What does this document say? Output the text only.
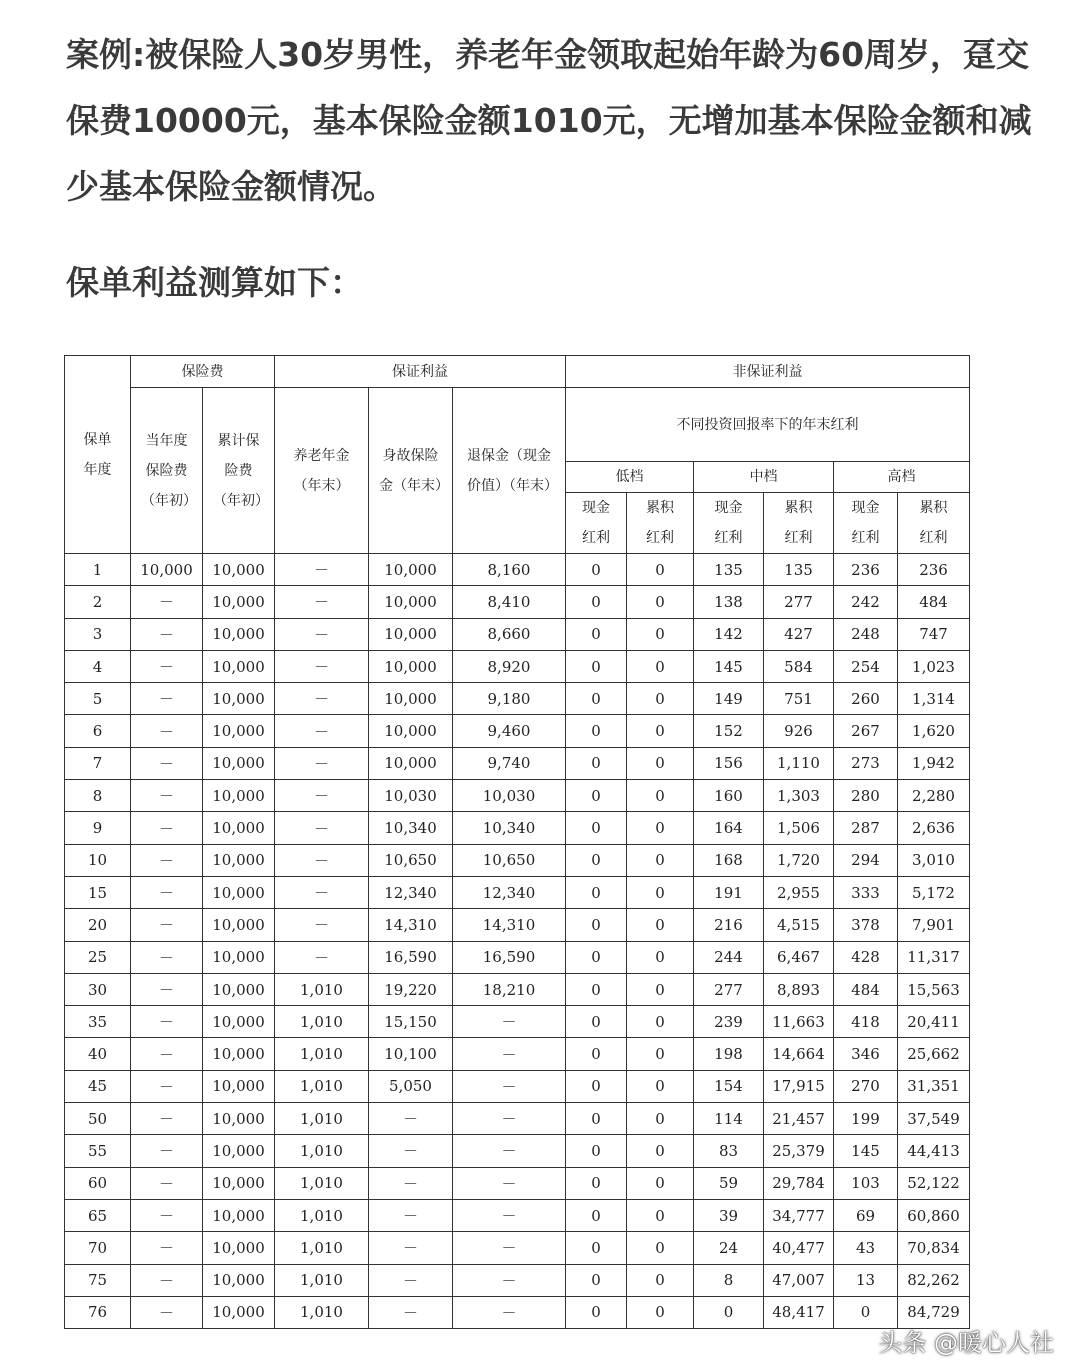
案例:被保险人30岁男性，养老年金领取起始年龄为60周岁，趸交保费10000元，基本保险金额1010元，无增加基本保险金额和减少基本保险金额情况。

保单利益测算如下：

保单年度	保险费		保证利益			非保证利益					
	当年度保险费（年初）	累计保险费（年初）	养老年金（年末）	身故保险金（年末）	退保金（现金价值）（年末）	不同投资回报率下的年末红利					
						低档		中档		高档	
						现金红利	累积红利	现金红利	累积红利	现金红利	累积红利
1	10,000	10,000	－	10,000	8,160	0	0	135	135	236	236
2	－	10,000	－	10,000	8,410	0	0	138	277	242	484
3	－	10,000	－	10,000	8,660	0	0	142	427	248	747
4	－	10,000	－	10,000	8,920	0	0	145	584	254	1,023
5	－	10,000	－	10,000	9,180	0	0	149	751	260	1,314
6	－	10,000	－	10,000	9,460	0	0	152	926	267	1,620
7	－	10,000	－	10,000	9,740	0	0	156	1,110	273	1,942
8	－	10,000	－	10,030	10,030	0	0	160	1,303	280	2,280
9	－	10,000	－	10,340	10,340	0	0	164	1,506	287	2,636
10	－	10,000	－	10,650	10,650	0	0	168	1,720	294	3,010
15	－	10,000	－	12,340	12,340	0	0	191	2,955	333	5,172
20	－	10,000	－	14,310	14,310	0	0	216	4,515	378	7,901
25	－	10,000	－	16,590	16,590	0	0	244	6,467	428	11,317
30	－	10,000	1,010	19,220	18,210	0	0	277	8,893	484	15,563
35	－	10,000	1,010	15,150	－	0	0	239	11,663	418	20,411
40	－	10,000	1,010	10,100	－	0	0	198	14,664	346	25,662
45	－	10,000	1,010	5,050	－	0	0	154	17,915	270	31,351
50	－	10,000	1,010	－	－	0	0	114	21,457	199	37,549
55	－	10,000	1,010	－	－	0	0	83	25,379	145	44,413
60	－	10,000	1,010	－	－	0	0	59	29,784	103	52,122
65	－	10,000	1,010	－	－	0	0	39	34,777	69	60,860
70	－	10,000	1,010	－	－	0	0	24	40,477	43	70,834
75	－	10,000	1,010	－	－	0	0	8	47,007	13	82,262
76	－	10,000	1,010	－	－	0	0	0	48,417	0	84,729
头条 @暖心人社
